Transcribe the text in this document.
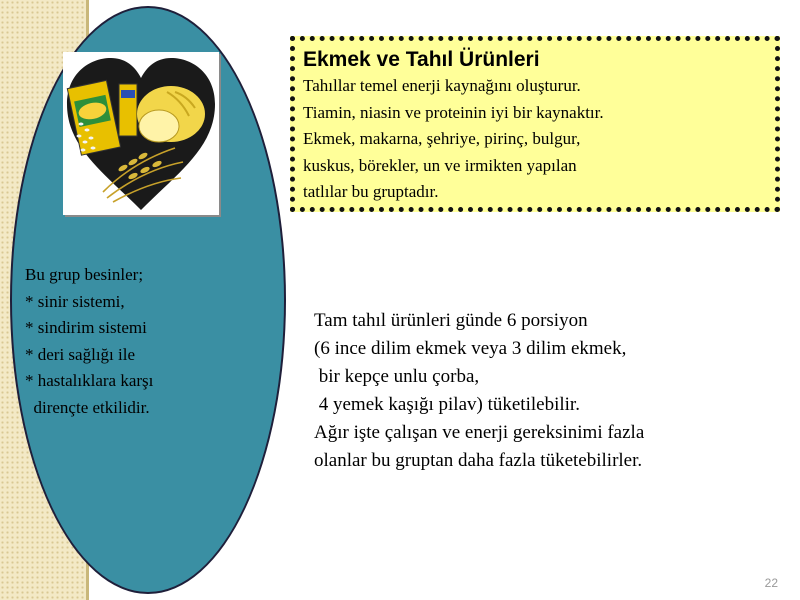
Bu grup besinler;
* sinir sistemi,
* sindirim sistemi
* deri sağlığı ile
* hastalıklara karşı
dirençte etkilidir.
Ekmek ve Tahıl Ürünleri
Tahıllar temel enerji kaynağını oluşturur.
Tiamin, niasin ve proteinin iyi bir kaynaktır.
Ekmek, makarna, şehriye, pirinç, bulgur,
kuskus, börekler, un ve irmikten yapılan
tatlılar bu gruptadır.
Tam tahıl ürünleri günde 6 porsiyon
(6 ince dilim ekmek veya 3 dilim ekmek,
bir kepçe unlu çorba,
4 yemek kaşığı pilav) tüketilebilir.
Ağır işte çalışan ve enerji gereksinimi fazla
olanlar bu gruptan daha fazla tüketebilirler.
22
